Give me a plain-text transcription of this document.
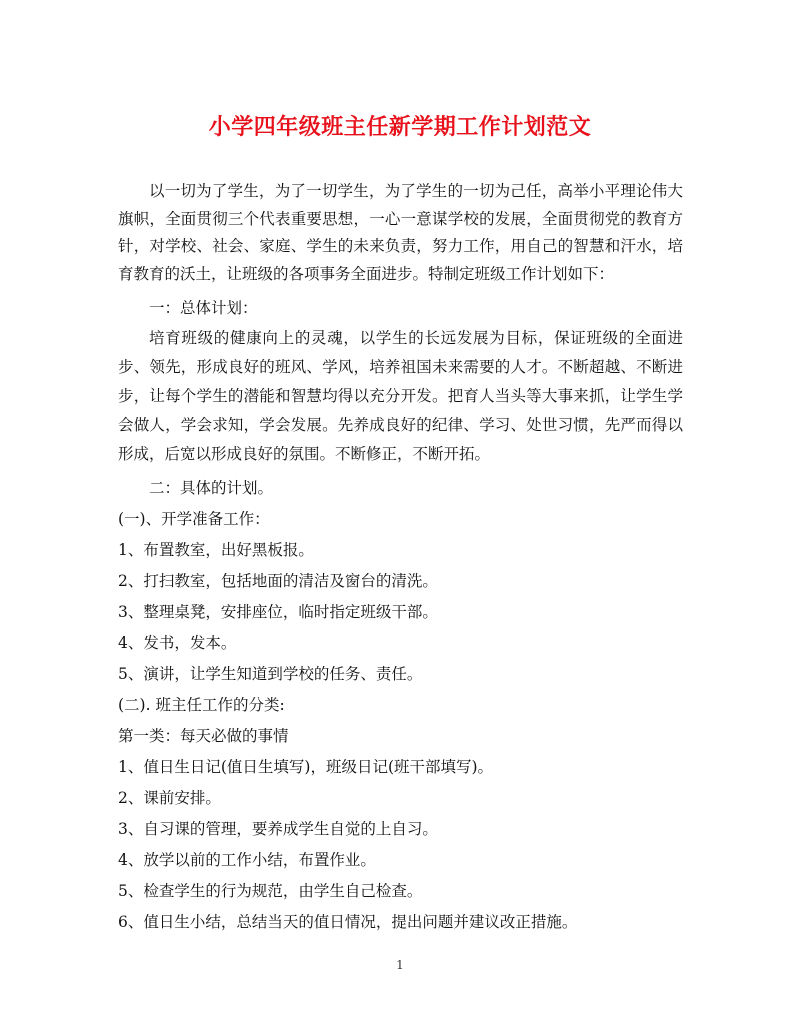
小学四年级班主任新学期工作计划范文

以一切为了学生，为了一切学生，为了学生的一切为己任，高举小平理论伟大旗帜，全面贯彻三个代表重要思想，一心一意谋学校的发展，全面贯彻党的教育方针，对学校、社会、家庭、学生的未来负责，努力工作，用自己的智慧和汗水，培育教育的沃土，让班级的各项事务全面进步。特制定班级工作计划如下：

一：总体计划：

培育班级的健康向上的灵魂，以学生的长远发展为目标，保证班级的全面进步、领先，形成良好的班风、学风，培养祖国未来需要的人才。不断超越、不断进步，让每个学生的潜能和智慧均得以充分开发。把育人当头等大事来抓，让学生学会做人，学会求知，学会发展。先养成良好的纪律、学习、处世习惯，先严而得以形成，后宽以形成良好的氛围。不断修正，不断开拓。

二：具体的计划。

(一)、开学准备工作：

1、布置教室，出好黑板报。

2、打扫教室，包括地面的清洁及窗台的清洗。

3、整理桌凳，安排座位，临时指定班级干部。

4、发书，发本。

5、演讲，让学生知道到学校的任务、责任。

(二). 班主任工作的分类:

第一类：每天必做的事情

1、值日生日记(值日生填写)，班级日记(班干部填写)。

2、课前安排。

3、自习课的管理，要养成学生自觉的上自习。

4、放学以前的工作小结，布置作业。

5、检查学生的行为规范，由学生自己检查。

6、值日生小结，总结当天的值日情况，提出问题并建议改正措施。

1
